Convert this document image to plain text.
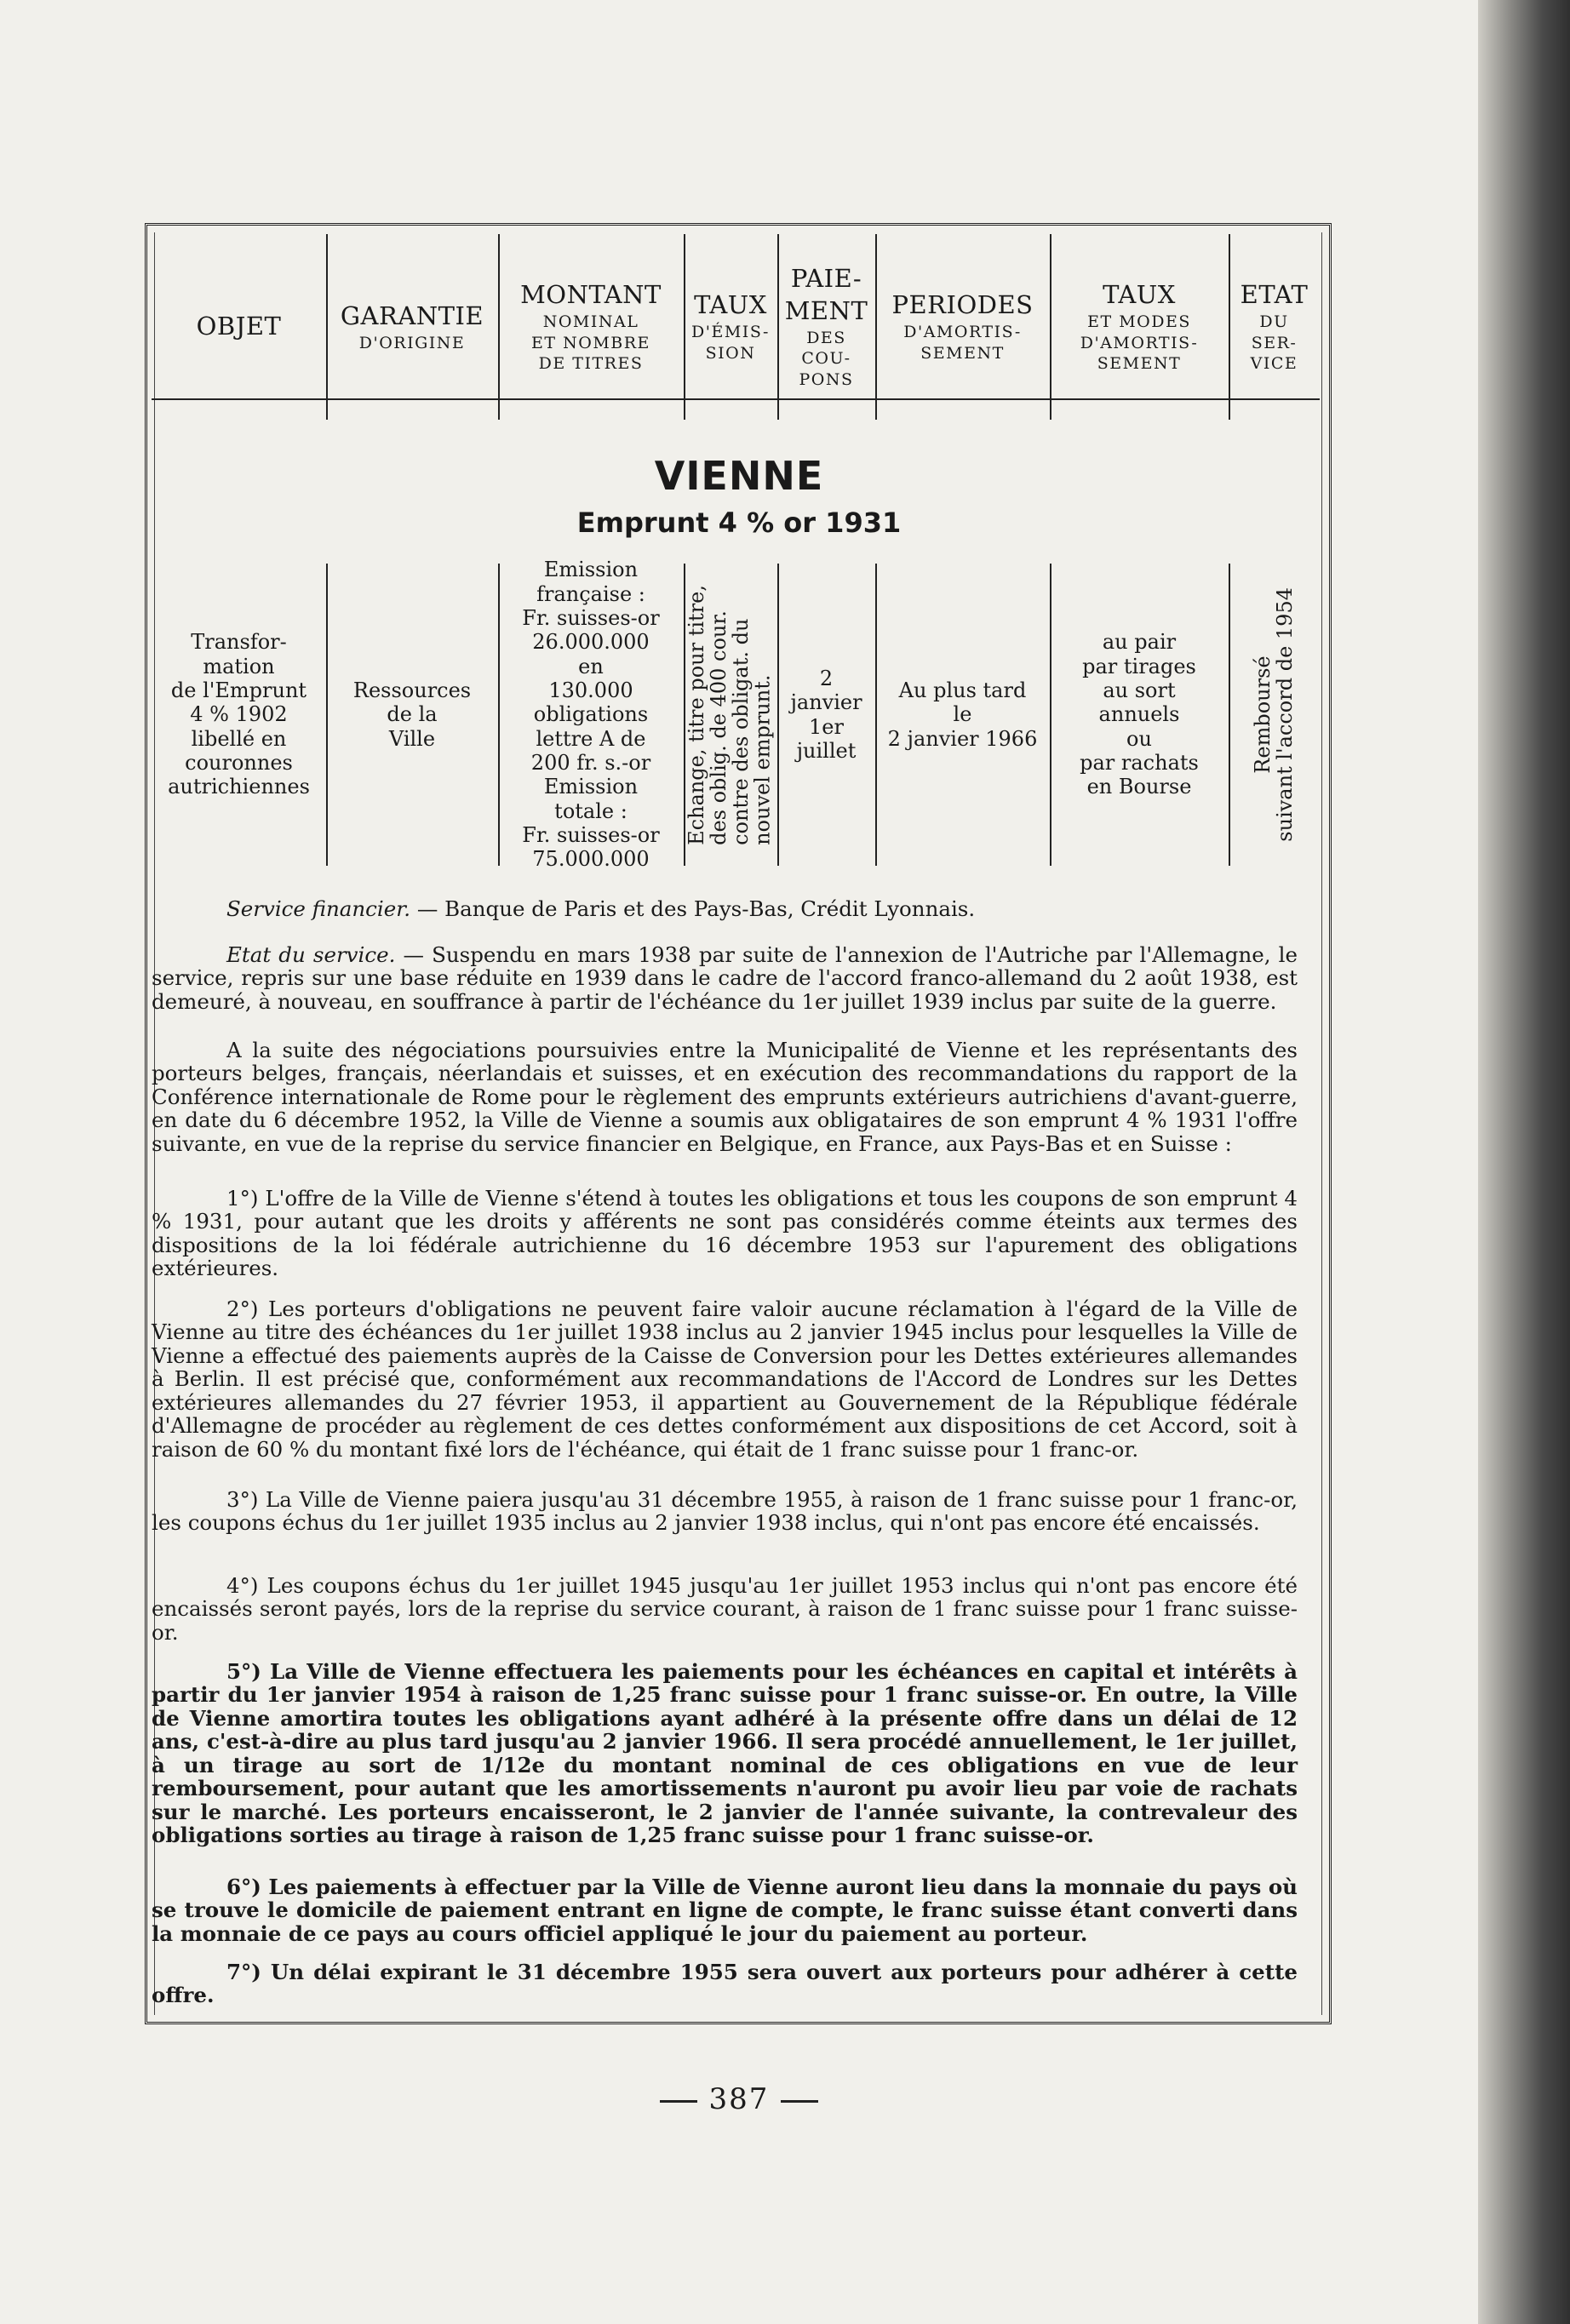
OBJET GARANTIE
D'ORIGINE
MONTANT
NOMINAL
ET NOMBRE
DE TITRES
TAUX
D'ÉMIS-
SION
PAIE-
MENT
DES
COU-
PONS
PERIODES
D'AMORTIS-
SEMENT
TAUX
ET MODES
D'AMORTIS-
SEMENT
ETAT
DU
SER-
VICE
VIENNE
Emprunt 4 % or 1931
Transfor-
mation
de l'Emprunt
4 % 1902
libellé en
couronnes
autrichiennes
Ressources
de la
Ville
Emission
française :
Fr. suisses-or
26.000.000
en
130.000
obligations
lettre A de
200 fr. s.-or
Emission
totale :
Fr. suisses-or
75.000.000
Echange, titre pour titre,
des oblig. de 400 cour.
contre des obligat. du
nouvel emprunt.	2
janvier
1er
juillet
Au plus tard
le
2 janvier 1966
au pair
par tirages
au sort
annuels
ou
par rachats
en Bourse
Remboursé
suivant l'accord de 1954

Service financier. — Banque de Paris et des Pays-Bas, Crédit Lyonnais.

Etat du service. — Suspendu en mars 1938 par suite de l'annexion de l'Autriche par l'Allemagne, le service, repris sur une base réduite en 1939 dans le cadre de l'accord franco-allemand du 2 août 1938, est demeuré, à nouveau, en souffrance à partir de l'échéance du 1er juillet 1939 inclus par suite de la guerre.

A la suite des négociations poursuivies entre la Municipalité de Vienne et les représentants des porteurs belges, français, néerlandais et suisses, et en exécution des recommandations du rapport de la Conférence internationale de Rome pour le règlement des emprunts extérieurs autrichiens d'avant-guerre, en date du 6 décembre 1952, la Ville de Vienne a soumis aux obligataires de son emprunt 4 % 1931 l'offre suivante, en vue de la reprise du service financier en Belgique, en France, aux Pays-Bas et en Suisse :

1°) L'offre de la Ville de Vienne s'étend à toutes les obligations et tous les coupons de son emprunt 4 % 1931, pour autant que les droits y afférents ne sont pas considérés comme éteints aux termes des dispositions de la loi fédérale autrichienne du 16 décembre 1953 sur l'apurement des obligations extérieures.

2°) Les porteurs d'obligations ne peuvent faire valoir aucune réclamation à l'égard de la Ville de Vienne au titre des échéances du 1er juillet 1938 inclus au 2 janvier 1945 inclus pour lesquelles la Ville de Vienne a effectué des paiements auprès de la Caisse de Conversion pour les Dettes extérieures allemandes à Berlin. Il est précisé que, conformément aux recommandations de l'Accord de Londres sur les Dettes extérieures allemandes du 27 février 1953, il appartient au Gouvernement de la République fédérale d'Allemagne de procéder au règlement de ces dettes conformément aux dispositions de cet Accord, soit à raison de 60 % du montant fixé lors de l'échéance, qui était de 1 franc suisse pour 1 franc-or.

3°) La Ville de Vienne paiera jusqu'au 31 décembre 1955, à raison de 1 franc suisse pour 1 franc-or, les coupons échus du 1er juillet 1935 inclus au 2 janvier 1938 inclus, qui n'ont pas encore été encaissés.

4°) Les coupons échus du 1er juillet 1945 jusqu'au 1er juillet 1953 inclus qui n'ont pas encore été encaissés seront payés, lors de la reprise du service courant, à raison de 1 franc suisse pour 1 franc suisse-or.

5°) La Ville de Vienne effectuera les paiements pour les échéances en capital et intérêts à partir du 1er janvier 1954 à raison de 1,25 franc suisse pour 1 franc suisse-or. En outre, la Ville de Vienne amortira toutes les obligations ayant adhéré à la présente offre dans un délai de 12 ans, c'est-à-dire au plus tard jusqu'au 2 janvier 1966. Il sera procédé annuellement, le 1er juillet, à un tirage au sort de 1/12e du montant nominal de ces obligations en vue de leur remboursement, pour autant que les amortissements n'auront pu avoir lieu par voie de rachats sur le marché. Les porteurs encaisseront, le 2 janvier de l'année suivante, la contrevaleur des obligations sorties au tirage à raison de 1,25 franc suisse pour 1 franc suisse-or.

6°) Les paiements à effectuer par la Ville de Vienne auront lieu dans la monnaie du pays où se trouve le domicile de paiement entrant en ligne de compte, le franc suisse étant converti dans la monnaie de ce pays au cours officiel appliqué le jour du paiement au porteur.

7°) Un délai expirant le 31 décembre 1955 sera ouvert aux porteurs pour adhérer à cette offre.

387
